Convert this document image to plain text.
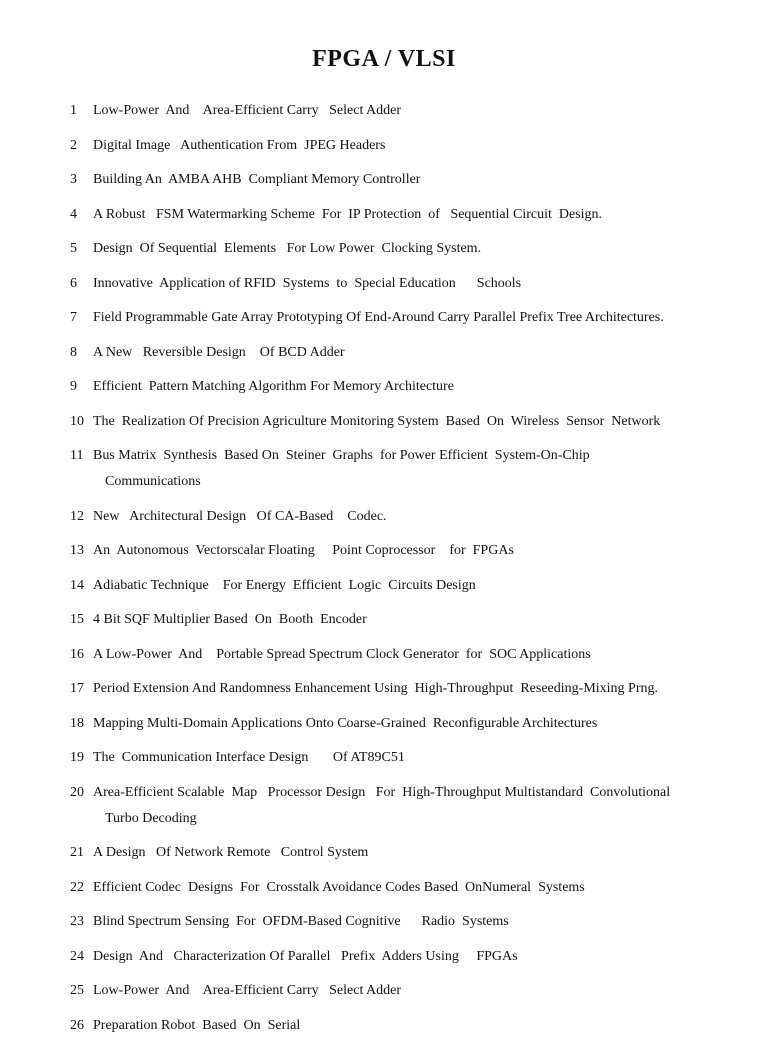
FPGA / VLSI
1	Low-Power  And    Area-Efficient Carry   Select Adder
2	Digital Image   Authentication From  JPEG Headers
3	Building An  AMBA AHB  Compliant Memory Controller
4	A Robust   FSM Watermarking Scheme  For  IP Protection  of   Sequential Circuit  Design.
5	Design  Of Sequential  Elements   For Low Power  Clocking System.
6	Innovative  Application of RFID  Systems  to  Special Education      Schools
7	Field Programmable Gate Array Prototyping Of End-Around Carry Parallel Prefix Tree Architectures.
8	A New   Reversible Design    Of BCD Adder
9	Efficient  Pattern Matching Algorithm For Memory Architecture
10 The  Realization Of Precision Agriculture Monitoring System  Based  On  Wireless  Sensor  Network
11 Bus Matrix  Synthesis  Based On  Steiner  Graphs  for Power Efficient  System-On-Chip
Communications
12 New   Architectural Design   Of CA-Based    Codec.
13 An  Autonomous  Vectorscalar Floating     Point Coprocessor    for  FPGAs
14 Adiabatic Technique    For Energy  Efficient  Logic  Circuits Design
15 4 Bit SQF Multiplier Based  On  Booth  Encoder
16 A Low-Power  And    Portable Spread Spectrum Clock Generator  for  SOC Applications
17 Period Extension And Randomness Enhancement Using  High-Throughput  Reseeding-Mixing Prng.
18 Mapping Multi-Domain Applications Onto Coarse-Grained  Reconfigurable Architectures
19 The  Communication Interface Design       Of AT89C51
20 Area-Efficient Scalable  Map   Processor Design   For  High-Throughput Multistandard  Convolutional
Turbo Decoding
21 A Design   Of Network Remote   Control System
22 Efficient Codec  Designs  For  Crosstalk Avoidance Codes Based  OnNumeral  Systems
23 Blind Spectrum Sensing  For  OFDM-Based Cognitive      Radio  Systems
24 Design  And   Characterization Of Parallel   Prefix  Adders Using     FPGAs
25 Low-Power  And    Area-Efficient Carry   Select Adder
26 Preparation Robot  Based  On  Serial
